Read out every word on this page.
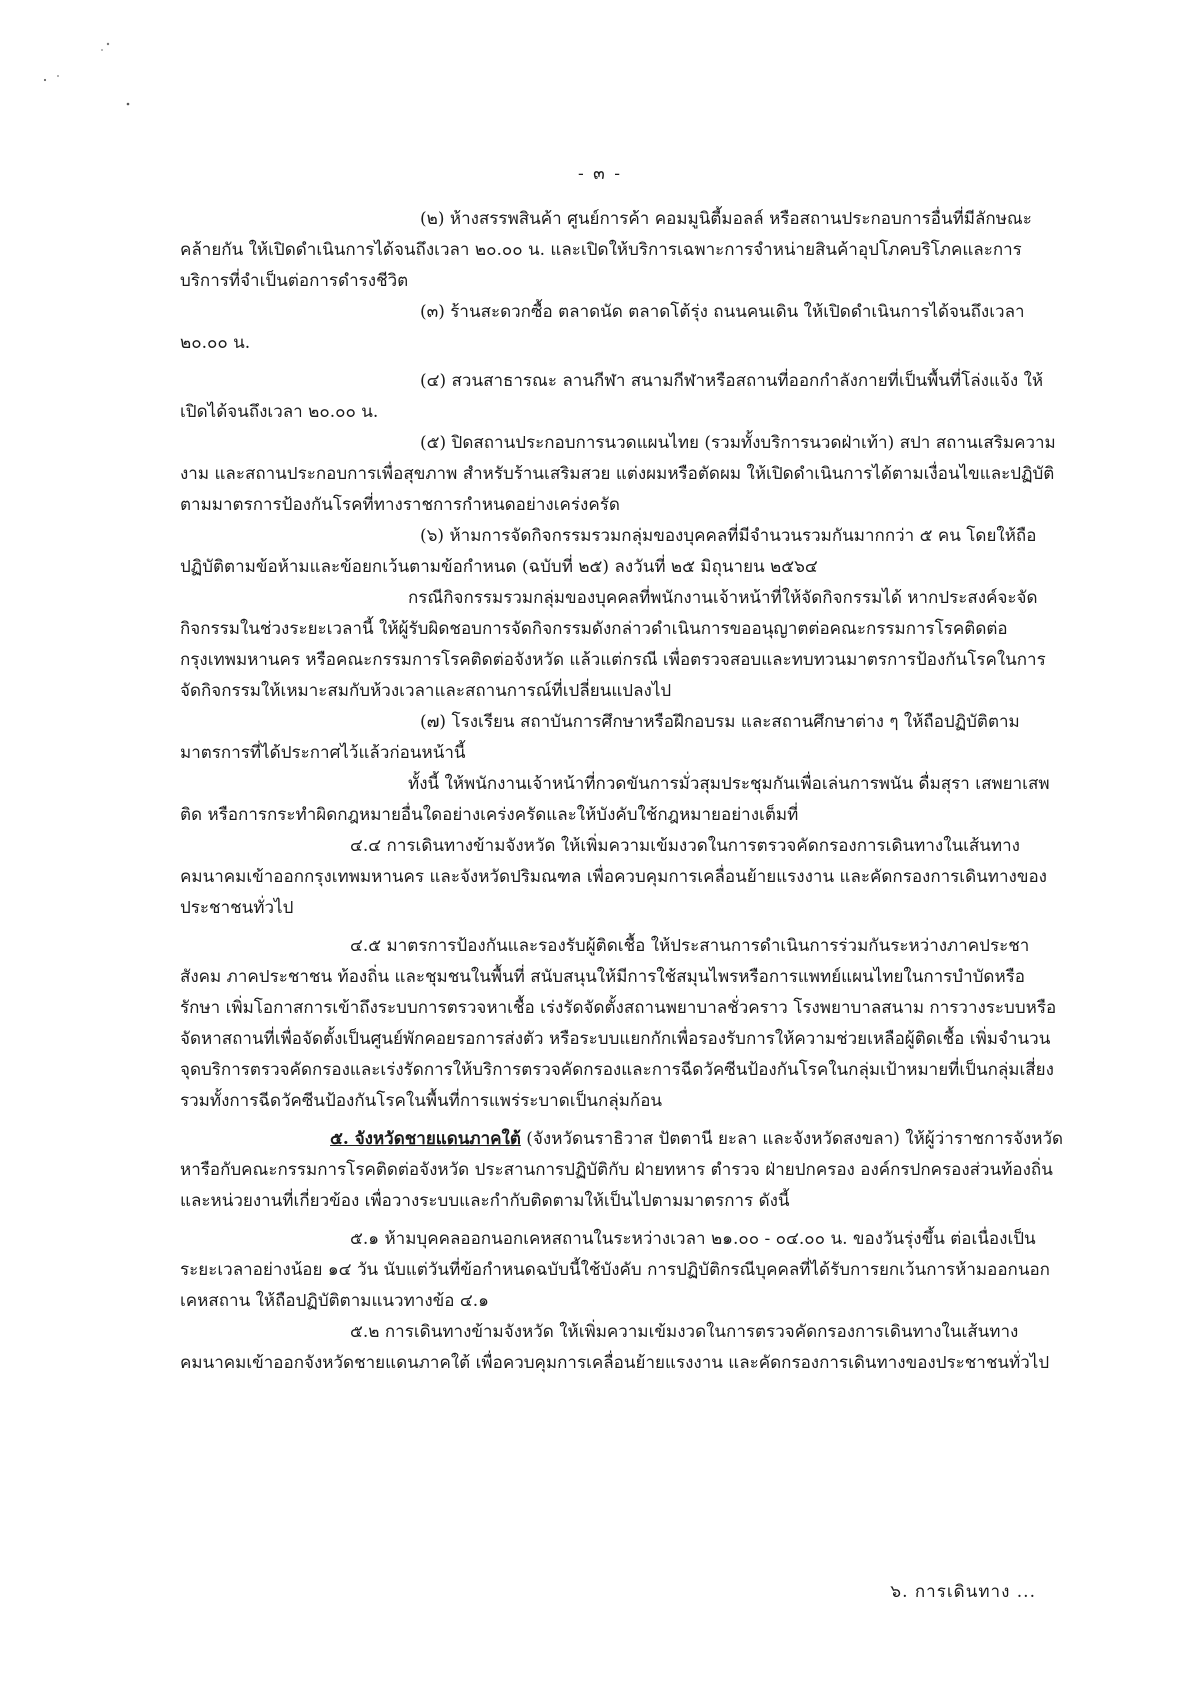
- ๓ -

(๒) ห้างสรรพสินค้า ศูนย์การค้า คอมมูนิตี้มอลล์ หรือสถานประกอบการอื่นที่มีลักษณะคล้ายกัน ให้เปิดดำเนินการได้จนถึงเวลา ๒๐.๐๐ น. และเปิดให้บริการเฉพาะการจำหน่ายสินค้าอุปโภคบริโภคและการบริการที่จำเป็นต่อการดำรงชีวิต

(๓) ร้านสะดวกซื้อ ตลาดนัด ตลาดโต้รุ่ง ถนนคนเดิน ให้เปิดดำเนินการได้จนถึงเวลา ๒๐.๐๐ น.

(๔) สวนสาธารณะ ลานกีฬา สนามกีฬาหรือสถานที่ออกกำลังกายที่เป็นพื้นที่โล่งแจ้ง ให้เปิดได้จนถึงเวลา ๒๐.๐๐ น.

(๕) ปิดสถานประกอบการนวดแผนไทย (รวมทั้งบริการนวดฝ่าเท้า) สปา สถานเสริมความงาม และสถานประกอบการเพื่อสุขภาพ สำหรับร้านเสริมสวย แต่งผมหรือตัดผม ให้เปิดดำเนินการได้ตามเงื่อนไขและปฏิบัติตามมาตรการป้องกันโรคที่ทางราชการกำหนดอย่างเคร่งครัด

(๖) ห้ามการจัดกิจกรรมรวมกลุ่มของบุคคลที่มีจำนวนรวมกันมากกว่า ๕ คน โดยให้ถือปฏิบัติตามข้อห้ามและข้อยกเว้นตามข้อกำหนด (ฉบับที่ ๒๕) ลงวันที่ ๒๕ มิถุนายน ๒๕๖๔

กรณีกิจกรรมรวมกลุ่มของบุคคลที่พนักงานเจ้าหน้าที่ให้จัดกิจกรรมได้ หากประสงค์จะจัดกิจกรรมในช่วงระยะเวลานี้ ให้ผู้รับผิดชอบการจัดกิจกรรมดังกล่าวดำเนินการขออนุญาตต่อคณะกรรมการโรคติดต่อกรุงเทพมหานคร หรือคณะกรรมการโรคติดต่อจังหวัด แล้วแต่กรณี เพื่อตรวจสอบและทบทวนมาตรการป้องกันโรคในการจัดกิจกรรมให้เหมาะสมกับห้วงเวลาและสถานการณ์ที่เปลี่ยนแปลงไป

(๗) โรงเรียน สถาบันการศึกษาหรือฝึกอบรม และสถานศึกษาต่าง ๆ ให้ถือปฏิบัติตามมาตรการที่ได้ประกาศไว้แล้วก่อนหน้านี้

ทั้งนี้ ให้พนักงานเจ้าหน้าที่กวดขันการมั่วสุมประชุมกันเพื่อเล่นการพนัน ดื่มสุรา เสพยาเสพติด หรือการกระทำผิดกฎหมายอื่นใดอย่างเคร่งครัดและให้บังคับใช้กฎหมายอย่างเต็มที่

๔.๔ การเดินทางข้ามจังหวัด ให้เพิ่มความเข้มงวดในการตรวจคัดกรองการเดินทางในเส้นทางคมนาคมเข้าออกกรุงเทพมหานคร และจังหวัดปริมณฑล เพื่อควบคุมการเคลื่อนย้ายแรงงาน และคัดกรองการเดินทางของประชาชนทั่วไป

๔.๕ มาตรการป้องกันและรองรับผู้ติดเชื้อ ให้ประสานการดำเนินการร่วมกันระหว่างภาคประชาสังคม ภาคประชาชน ท้องถิ่น และชุมชนในพื้นที่ สนับสนุนให้มีการใช้สมุนไพรหรือการแพทย์แผนไทยในการบำบัดหรือรักษา เพิ่มโอกาสการเข้าถึงระบบการตรวจหาเชื้อ เร่งรัดจัดตั้งสถานพยาบาลชั่วคราว โรงพยาบาลสนาม การวางระบบหรือจัดหาสถานที่เพื่อจัดตั้งเป็นศูนย์พักคอยรอการส่งตัว หรือระบบแยกกักเพื่อรองรับการให้ความช่วยเหลือผู้ติดเชื้อ เพิ่มจำนวนจุดบริการตรวจคัดกรองและเร่งรัดการให้บริการตรวจคัดกรองและการฉีดวัคซีนป้องกันโรคในกลุ่มเป้าหมายที่เป็นกลุ่มเสี่ยง รวมทั้งการฉีดวัคซีนป้องกันโรคในพื้นที่การแพร่ระบาดเป็นกลุ่มก้อน

๕. จังหวัดชายแดนภาคใต้ (จังหวัดนราธิวาส ปัตตานี ยะลา และจังหวัดสงขลา) ให้ผู้ว่าราชการจังหวัดหารือกับคณะกรรมการโรคติดต่อจังหวัด ประสานการปฏิบัติกับ ฝ่ายทหาร ตำรวจ ฝ่ายปกครอง องค์กรปกครองส่วนท้องถิ่น และหน่วยงานที่เกี่ยวข้อง เพื่อวางระบบและกำกับติดตามให้เป็นไปตามมาตรการ ดังนี้

๕.๑ ห้ามบุคคลออกนอกเคหสถานในระหว่างเวลา ๒๑.๐๐ - ๐๔.๐๐ น. ของวันรุ่งขึ้น ต่อเนื่องเป็นระยะเวลาอย่างน้อย ๑๔ วัน นับแต่วันที่ข้อกำหนดฉบับนี้ใช้บังคับ การปฏิบัติกรณีบุคคลที่ได้รับการยกเว้นการห้ามออกนอกเคหสถาน ให้ถือปฏิบัติตามแนวทางข้อ ๔.๑

๕.๒ การเดินทางข้ามจังหวัด ให้เพิ่มความเข้มงวดในการตรวจคัดกรองการเดินทางในเส้นทางคมนาคมเข้าออกจังหวัดชายแดนภาคใต้ เพื่อควบคุมการเคลื่อนย้ายแรงงาน และคัดกรองการเดินทางของประชาชนทั่วไป

๖. การเดินทาง ...
